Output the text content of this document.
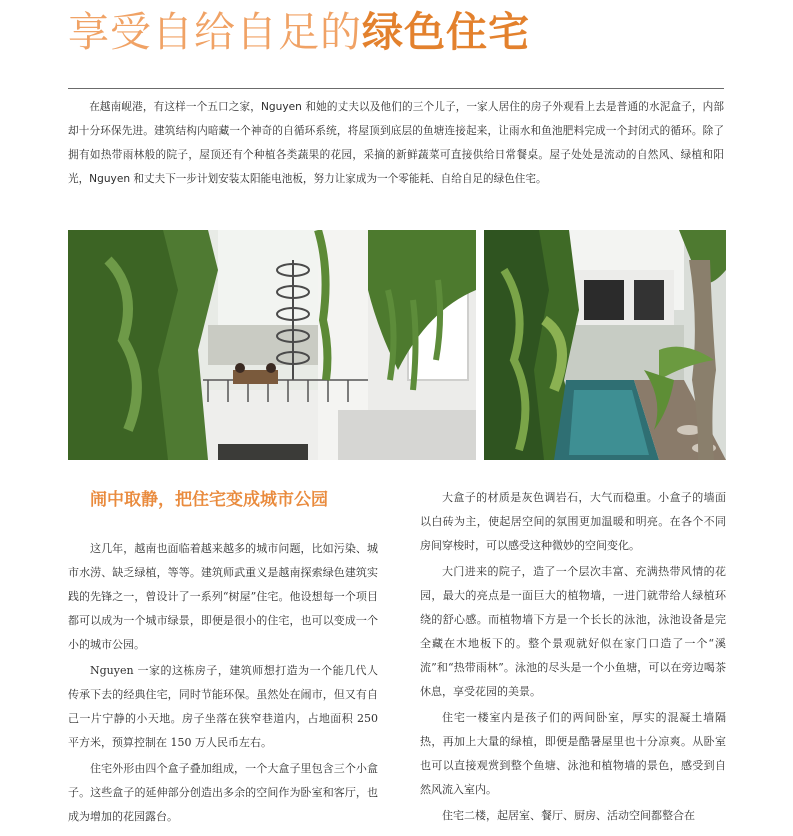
享受自给自足的绿色住宅

在越南岘港，有这样一个五口之家，Nguyen 和她的丈夫以及他们的三个儿子，一家人居住的房子外观看上去是普通的水泥盒子，内部却十分环保先进。建筑结构内暗藏一个神奇的自循环系统，将屋顶到底层的鱼塘连接起来，让雨水和鱼池肥料完成一个封闭式的循环。除了拥有如热带雨林般的院子，屋顶还有个种植各类蔬果的花园，采摘的新鲜蔬菜可直接供给日常餐桌。屋子处处是流动的自然风、绿植和阳光，Nguyen 和丈夫下一步计划安装太阳能电池板，努力让家成为一个零能耗、自给自足的绿色住宅。

闹中取静，把住宅变成城市公园

这几年，越南也面临着越来越多的城市问题，比如污染、城市水涝、缺乏绿植，等等。建筑师武重义是越南探索绿色建筑实践的先锋之一，曾设计了一系列“树屋”住宅。他设想每一个项目都可以成为一个城市绿景，即便是很小的住宅，也可以变成一个小的城市公园。

Nguyen 一家的这栋房子，建筑师想打造为一个能几代人传承下去的经典住宅，同时节能环保。虽然处在闹市，但又有自己一片宁静的小天地。房子坐落在狭窄巷道内，占地面积 250 平方米，预算控制在 150 万人民币左右。

住宅外形由四个盒子叠加组成，一个大盒子里包含三个小盒子。这些盒子的延伸部分创造出多余的空间作为卧室和客厅，也成为增加的花园露台。

大盒子的材质是灰色调岩石，大气而稳重。小盒子的墙面以白砖为主，使起居空间的氛围更加温暖和明亮。在各个不同房间穿梭时，可以感受这种微妙的空间变化。

大门进来的院子，造了一个层次丰富、充满热带风情的花园，最大的亮点是一面巨大的植物墙，一进门就带给人绿植环绕的舒心感。而植物墙下方是一个长长的泳池，泳池设备是完全藏在木地板下的。整个景观就好似在家门口造了一个“溪流”和“热带雨林”。泳池的尽头是一个小鱼塘，可以在旁边喝茶休息，享受花园的美景。

住宅一楼室内是孩子们的两间卧室，厚实的混凝土墙隔热，再加上大量的绿植，即便是酷暑屋里也十分凉爽。从卧室也可以直接观赏到整个鱼塘、泳池和植物墙的景色，感受到自然风流入室内。

住宅二楼，起居室、餐厅、厨房、活动空间都整合在
